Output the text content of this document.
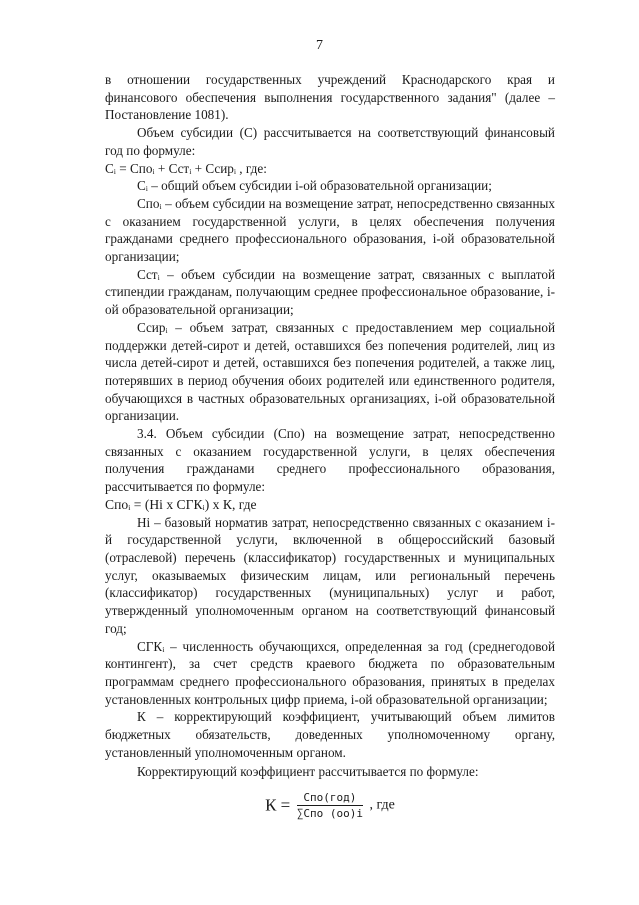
7

в отношении государственных учреждений Краснодарского края и финансового обеспечения выполнения государственного задания" (далее – Постановление 1081).

Объем субсидии (С) рассчитывается на соответствующий финансовый год по формуле:

Сᵢ = Спoᵢ + Сстᵢ + Ссирᵢ , где:

Сᵢ – общий объем субсидии i-ой образовательной организации;

Спoᵢ – объем субсидии на возмещение затрат, непосредственно связанных с оказанием государственной услуги, в целях обеспечения получения гражданами среднего профессионального образования, i-ой образовательной организации;

Сстᵢ – объем субсидии на возмещение затрат, связанных с выплатой стипендии гражданам, получающим среднее профессиональное образование, i-ой образовательной организации;

Ссирᵢ – объем затрат, связанных с предоставлением мер социальной поддержки детей-сирот и детей, оставшихся без попечения родителей, лиц из числа детей-сирот и детей, оставшихся без попечения родителей, а также лиц, потерявших в период обучения обоих родителей или единственного родителя, обучающихся в частных образовательных организациях, i-ой образовательной организации.

3.4. Объем субсидии (Спо) на возмещение затрат, непосредственно связанных с оказанием государственной услуги, в целях обеспечения получения гражданами среднего профессионального образования, рассчитывается по формуле:

Спoᵢ = (Нi х СГКᵢ) х К, где

Нi – базовый норматив затрат, непосредственно связанных с оказанием i-й государственной услуги, включенной в общероссийский базовый (отраслевой) перечень (классификатор) государственных и муниципальных услуг, оказываемых физическим лицам, или региональный перечень (классификатор) государственных (муниципальных) услуг и работ, утвержденный уполномоченным органом на соответствующий финансовый год;

СГКᵢ – численность обучающихся, определенная за год (среднегодовой контингент), за счет средств краевого бюджета по образовательным программам среднего профессионального образования, принятых в пределах установленных контрольных цифр приема, i-ой образовательной организации;

К – корректирующий коэффициент, учитывающий объем лимитов бюджетных обязательств, доведенных уполномоченному органу, установленный уполномоченным органом.

Корректирующий коэффициент рассчитывается по формуле:

$К = \frac{\text{Спо(год)}}{\text{∑Спо (оо)i}}$ , где
